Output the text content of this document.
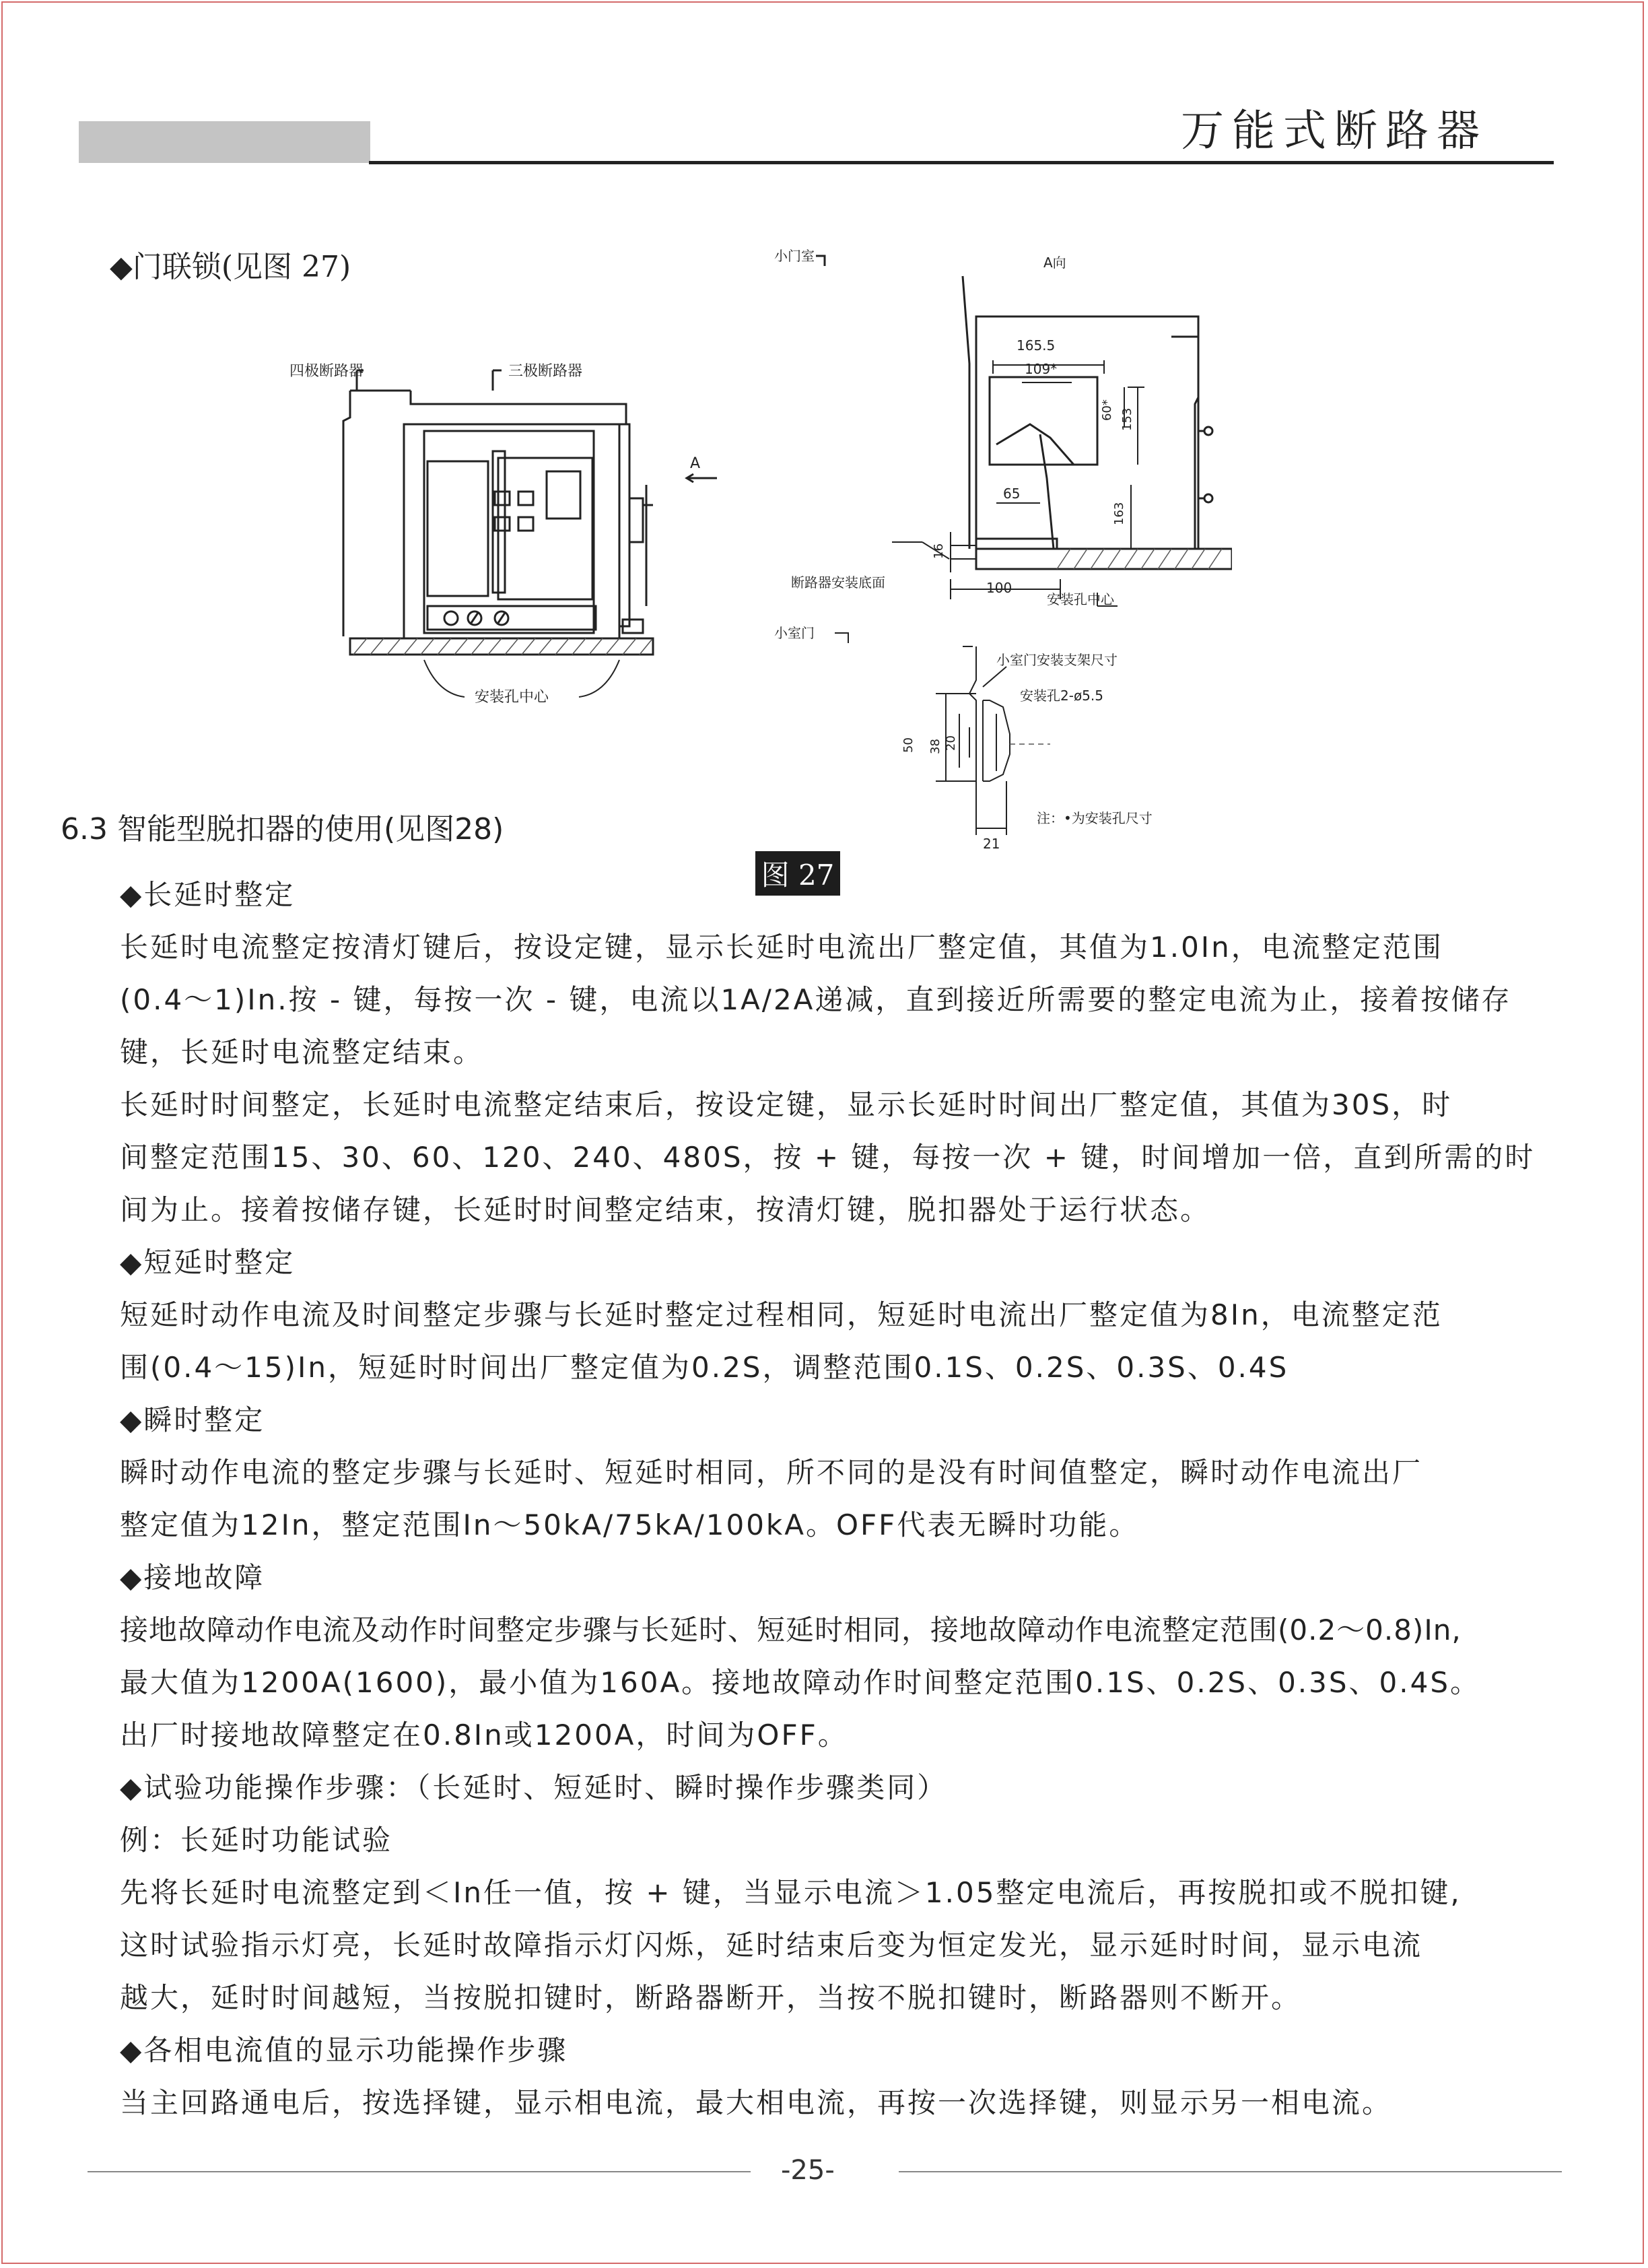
万能式断路器
◆门联锁(见图 27)
四极断路器	三极断路器
A
安装孔中心
小门室	A向
165.5
109*
60* 153
65
163
16
100
断路器安装底面
安装孔中心
小室门
小室门安装支架尺寸
安装孔2-ø5.5
50 38 20
21
注：•为安装孔尺寸
图 27
6.3 智能型脱扣器的使用(见图28)
◆长延时整定
长延时电流整定按清灯键后，按设定键，显示长延时电流出厂整定值，其值为1.0In，电流整定范围
(0.4～1)In.按 - 键，每按一次 - 键，电流以1A/2A递减，直到接近所需要的整定电流为止，接着按储存
键，长延时电流整定结束。
长延时时间整定，长延时电流整定结束后，按设定键，显示长延时时间出厂整定值，其值为30S，时
间整定范围15、30、60、120、240、480S，按 + 键，每按一次 + 键，时间增加一倍，直到所需的时
间为止。接着按储存键，长延时时间整定结束，按清灯键，脱扣器处于运行状态。
◆短延时整定
短延时动作电流及时间整定步骤与长延时整定过程相同，短延时电流出厂整定值为8In，电流整定范
围(0.4～15)In，短延时时间出厂整定值为0.2S，调整范围0.1S、0.2S、0.3S、0.4S
◆瞬时整定
瞬时动作电流的整定步骤与长延时、短延时相同，所不同的是没有时间值整定，瞬时动作电流出厂
整定值为12In，整定范围In～50kA/75kA/100kA。OFF代表无瞬时功能。
◆接地故障
接地故障动作电流及动作时间整定步骤与长延时、短延时相同，接地故障动作电流整定范围(0.2～0.8)In,
最大值为1200A(1600)，最小值为160A。接地故障动作时间整定范围0.1S、0.2S、0.3S、0.4S。
出厂时接地故障整定在0.8In或1200A，时间为OFF。
◆试验功能操作步骤：（长延时、短延时、瞬时操作步骤类同）
例：长延时功能试验
先将长延时电流整定到＜In任一值，按 + 键，当显示电流＞1.05整定电流后，再按脱扣或不脱扣键,
这时试验指示灯亮，长延时故障指示灯闪烁，延时结束后变为恒定发光，显示延时时间，显示电流
越大，延时时间越短，当按脱扣键时，断路器断开，当按不脱扣键时，断路器则不断开。
◆各相电流值的显示功能操作步骤
当主回路通电后，按选择键，显示相电流，最大相电流，再按一次选择键，则显示另一相电流。
-25-
